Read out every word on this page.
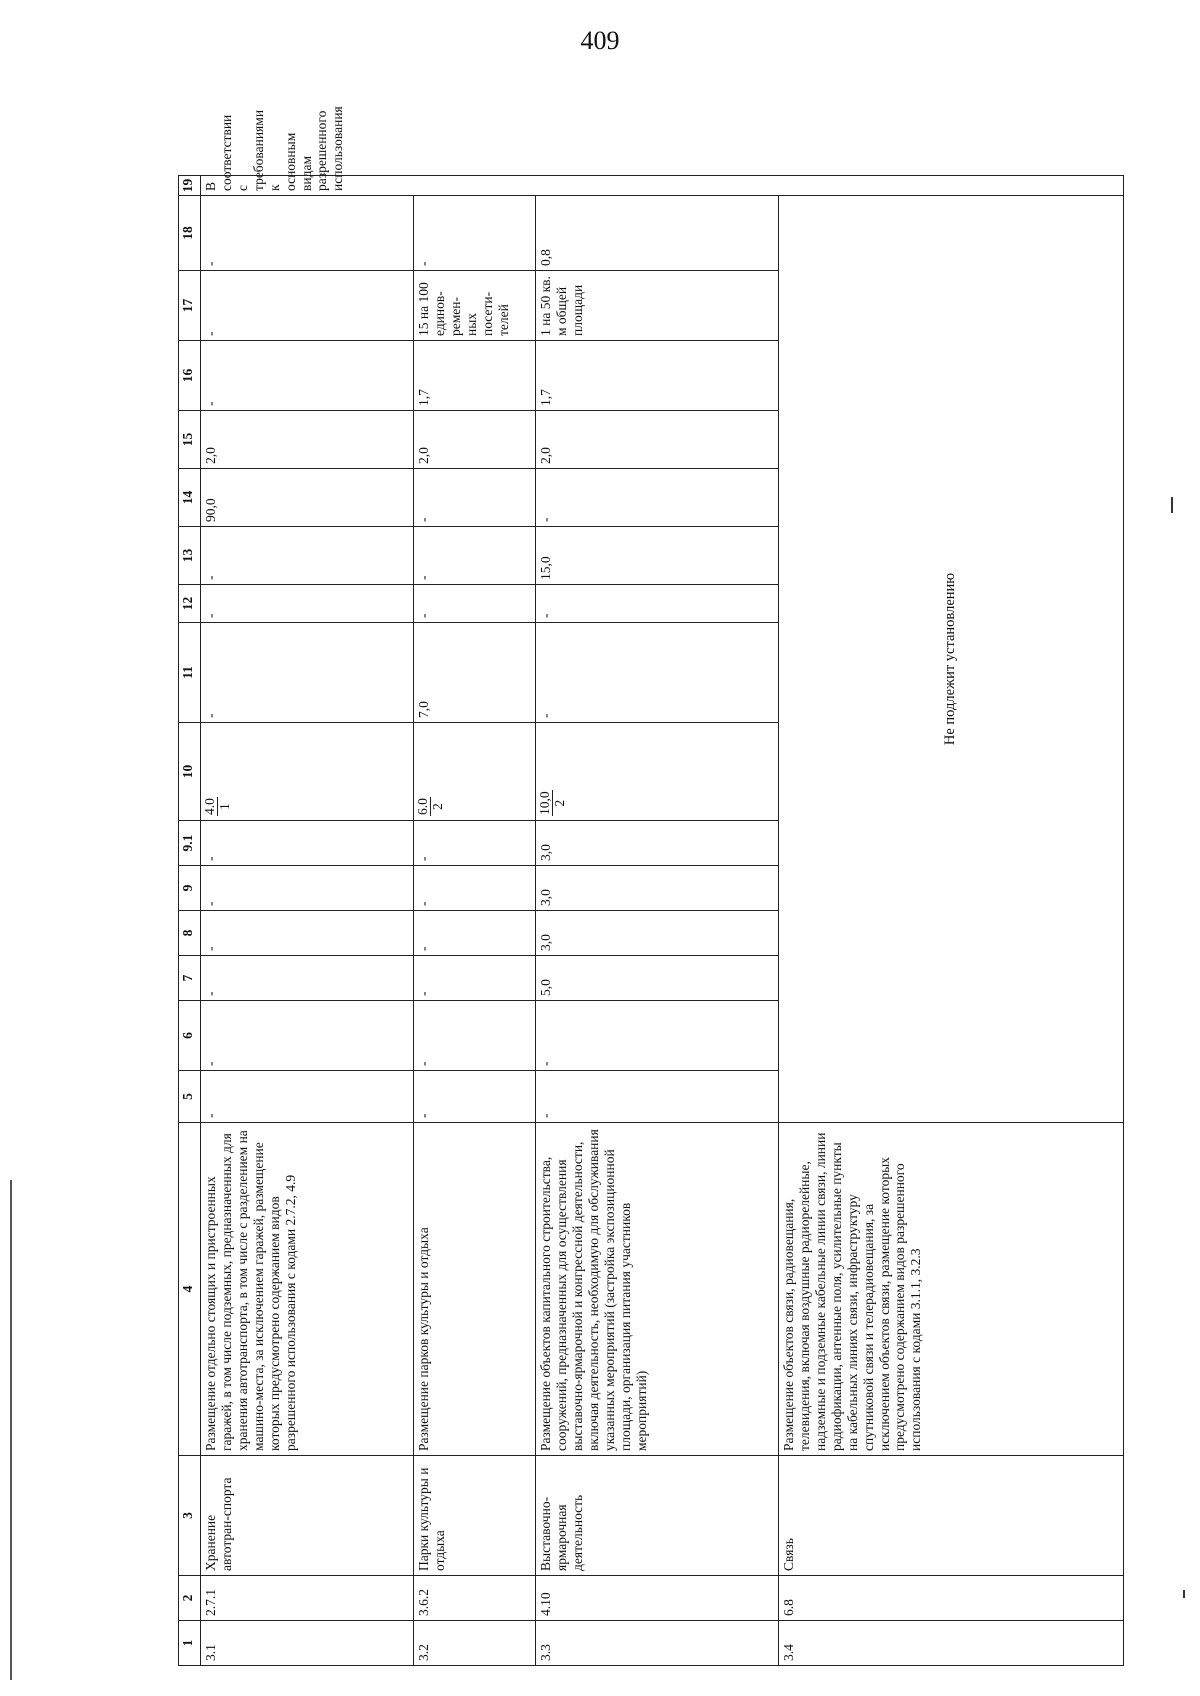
409
1	2	3	4	5	6	7	8	9	9.1	10	11	12	13	14	15	16	17	18	19
3.1	2.7.1	Хранение автотран-спорта	Размещение отдельно стоящих и пристроенных гаражей, в том числе подземных, предназначенных для хранения автотранспорта, в том числе с разделением на машино-места, за исключением гаражей, размещение которых предусмотрено содержанием видов разрешенного использования с кодами 2.7.2, 4.9	-	-	-	-	-	-	4.0 1	-	-	-	90,0	2,0	-	-	-	В соответствии с требованиями к основным видам разрешенного использования
3.2	3.6.2	Парки культуры и отдыха	Размещение парков культуры и отдыха	-	-	-	-	-	-	6.0 2	7,0	-	-	-	2,0	1,7	15 на 100 единов-ремен-ных посети-телей	-	
3.3	4.10	Выставочно-ярмарочная деятельность	Размещение объектов капитального строительства, сооружений, предназначенных для осуществления выставочно-ярмарочной и конгрессной деятельности, включая деятельность, необходимую для обслуживания указанных мероприятий (застройка экспозиционной площади, организация питания участников мероприятий)	-	-	5,0	3,0	3,0	3,0	10,0 2	-	-	15,0	-	2,0	1,7	1 на 50 кв. м общей площади	0,8	
3.4	6.8	Связь	Размещение объектов связи, радиовещания, телевидения, включая воздушные радиорелейные, надземные и подземные кабельные линии связи, линии радиофикации, антенные поля, усилительные пункты на кабельных линиях связи, инфраструктуру спутниковой связи и телерадиовещания, за исключением объектов связи, размещение которых предусмотрено содержанием видов разрешенного использования с кодами 3.1.1, 3.2.3	Не подлежит установлению															
